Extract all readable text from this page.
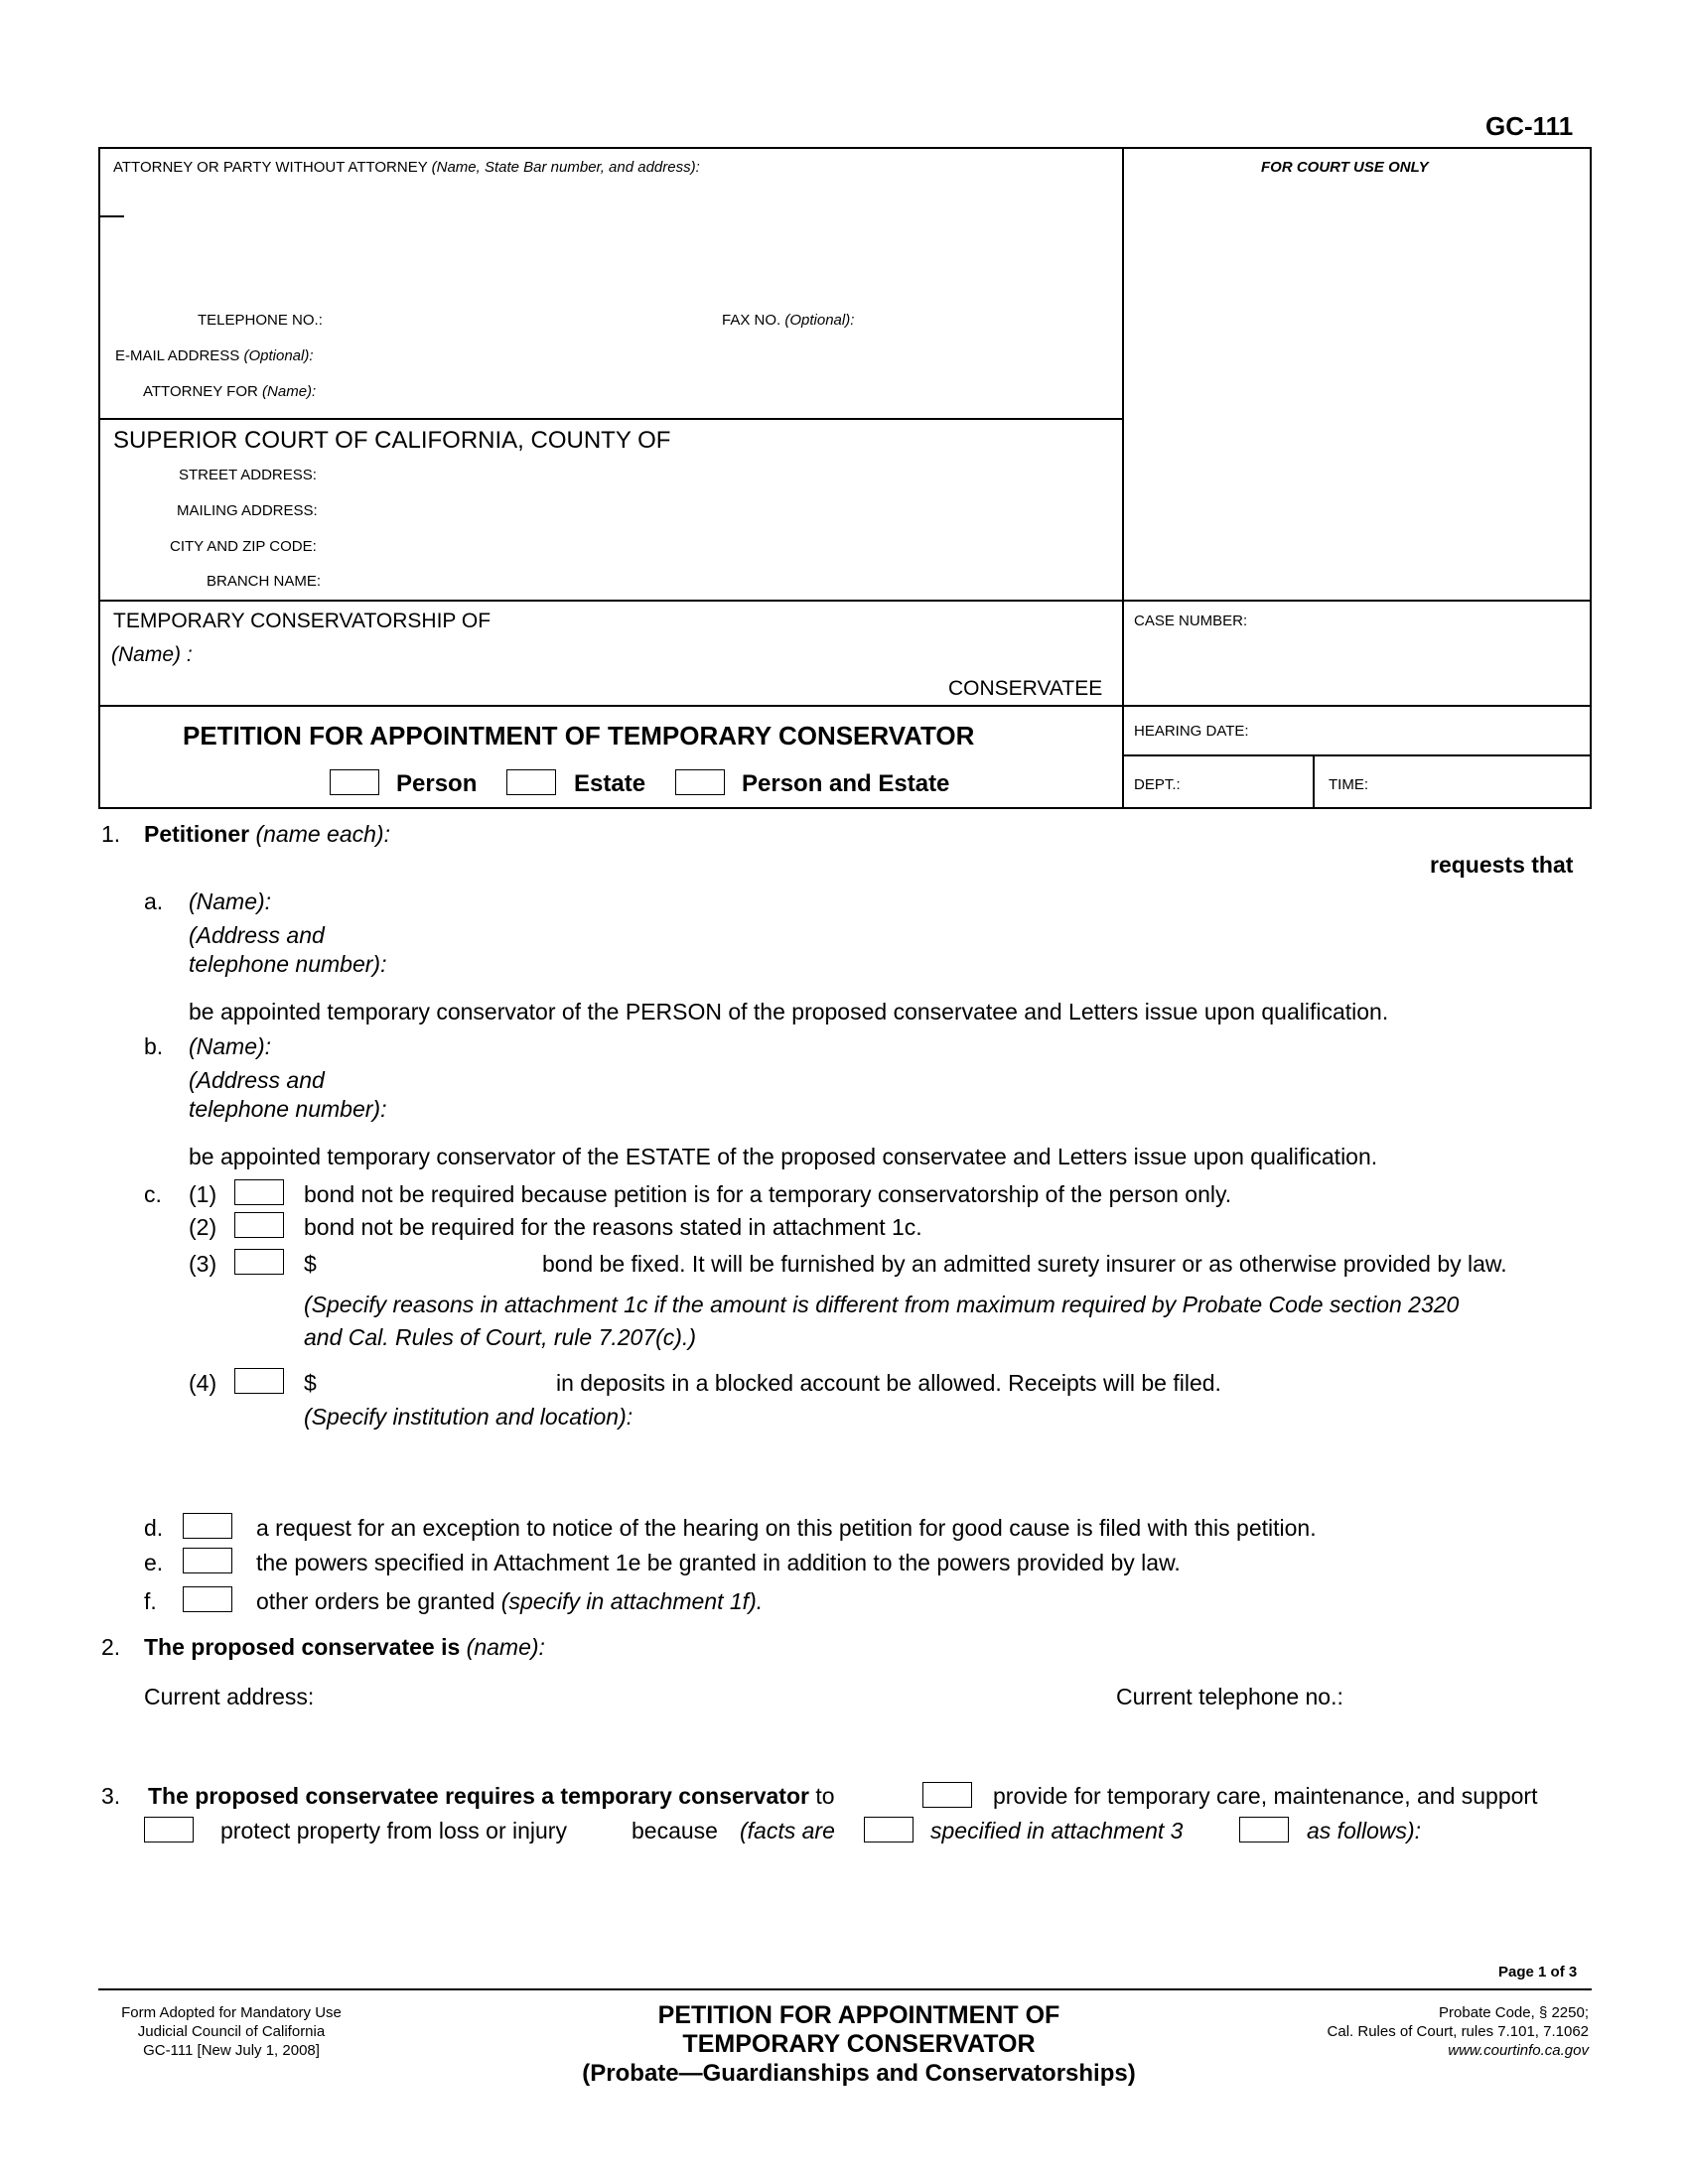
GC-111
ATTORNEY OR PARTY WITHOUT ATTORNEY (Name, State Bar number, and address):
TELEPHONE NO.:	FAX NO. (Optional):
E-MAIL ADDRESS (Optional):
ATTORNEY FOR (Name):
FOR COURT USE ONLY
SUPERIOR COURT OF CALIFORNIA, COUNTY OF
STREET ADDRESS:
MAILING ADDRESS:
CITY AND ZIP CODE:
BRANCH NAME:
TEMPORARY CONSERVATORSHIP OF
(Name) :
CONSERVATEE
CASE NUMBER:
PETITION FOR APPOINTMENT OF TEMPORARY CONSERVATOR
Person	Estate	Person and Estate
HEARING DATE:
DEPT.:	TIME:
1. Petitioner (name each):
requests that
a. (Name):
(Address and
telephone number):
be appointed temporary conservator of the PERSON of the proposed conservatee and Letters issue upon qualification.
b. (Name):
(Address and
telephone number):
be appointed temporary conservator of the ESTATE of the proposed conservatee and Letters issue upon qualification.
c. (1)	bond not be required because petition is for a temporary conservatorship of the person only.
(2)	bond not be required for the reasons stated in attachment 1c.
(3)	$	bond be fixed. It will be furnished by an admitted surety insurer or as otherwise provided by law.
(Specify reasons in attachment 1c if the amount is different from maximum required by Probate Code section 2320
and Cal. Rules of Court, rule 7.207(c).)
(4)	$	in deposits in a blocked account be allowed. Receipts will be filed.
(Specify institution and location):
d.	a request for an exception to notice of the hearing on this petition for good cause is filed with this petition.
e.	the powers specified in Attachment 1e be granted in addition to the powers provided by law.
f.	other orders be granted (specify in attachment 1f).
2. The proposed conservatee is (name):
Current address:	Current telephone no.:
3. The proposed conservatee requires a temporary conservator to	provide for temporary care, maintenance, and support
protect property from loss or injury	because (facts are	specified in attachment 3	as follows):
Page 1 of 3
Form Adopted for Mandatory Use
Judicial Council of California
GC-111 [New July 1, 2008]
PETITION FOR APPOINTMENT OF
TEMPORARY CONSERVATOR
(Probate—Guardianships and Conservatorships)
Probate Code, § 2250;
Cal. Rules of Court, rules 7.101, 7.1062
www.courtinfo.ca.gov
